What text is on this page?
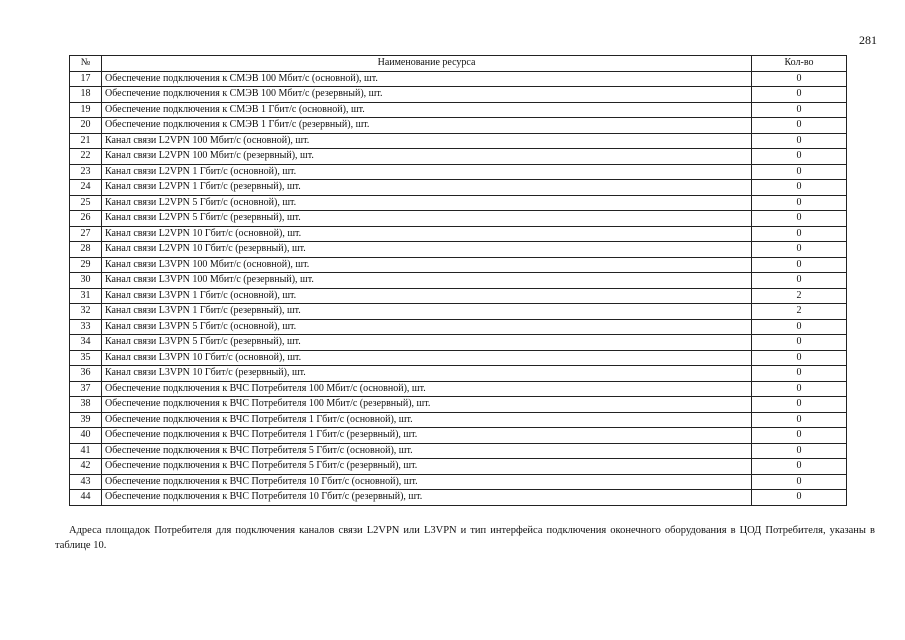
281
№	Наименование ресурса	Кол-во
17	Обеспечение подключения к СМЭВ 100 Мбит/с (основной), шт.	0
18	Обеспечение подключения к СМЭВ 100 Мбит/с (резервный), шт.	0
19	Обеспечение подключения к СМЭВ 1 Гбит/с (основной), шт.	0
20	Обеспечение подключения к СМЭВ 1 Гбит/с (резервный), шт.	0
21	Канал связи L2VPN 100 Мбит/с (основной), шт.	0
22	Канал связи L2VPN 100 Мбит/с (резервный), шт.	0
23	Канал связи L2VPN 1 Гбит/с (основной), шт.	0
24	Канал связи L2VPN 1 Гбит/с (резервный), шт.	0
25	Канал связи L2VPN 5 Гбит/с (основной), шт.	0
26	Канал связи L2VPN 5 Гбит/с (резервный), шт.	0
27	Канал связи L2VPN 10 Гбит/с (основной), шт.	0
28	Канал связи L2VPN 10 Гбит/с (резервный), шт.	0
29	Канал связи L3VPN 100 Мбит/с (основной), шт.	0
30	Канал связи L3VPN 100 Мбит/с (резервный), шт.	0
31	Канал связи L3VPN 1 Гбит/с (основной), шт.	2
32	Канал связи L3VPN 1 Гбит/с (резервный), шт.	2
33	Канал связи L3VPN 5 Гбит/с (основной), шт.	0
34	Канал связи L3VPN 5 Гбит/с (резервный), шт.	0
35	Канал связи L3VPN 10 Гбит/с (основной), шт.	0
36	Канал связи L3VPN 10 Гбит/с (резервный), шт.	0
37	Обеспечение подключения к ВЧС Потребителя 100 Мбит/с (основной), шт.	0
38	Обеспечение подключения к ВЧС Потребителя 100 Мбит/с (резервный), шт.	0
39	Обеспечение подключения к ВЧС Потребителя 1 Гбит/с (основной), шт.	0
40	Обеспечение подключения к ВЧС Потребителя 1 Гбит/с (резервный), шт.	0
41	Обеспечение подключения к ВЧС Потребителя 5 Гбит/с (основной), шт.	0
42	Обеспечение подключения к ВЧС Потребителя 5 Гбит/с (резервный), шт.	0
43	Обеспечение подключения к ВЧС Потребителя 10 Гбит/с (основной), шт.	0
44	Обеспечение подключения к ВЧС Потребителя 10 Гбит/с (резервный), шт.	0
Адреса площадок Потребителя для подключения каналов связи L2VPN или L3VPN и тип интерфейса подключения оконечного оборудования в ЦОД Потребителя, указаны в таблице 10.
